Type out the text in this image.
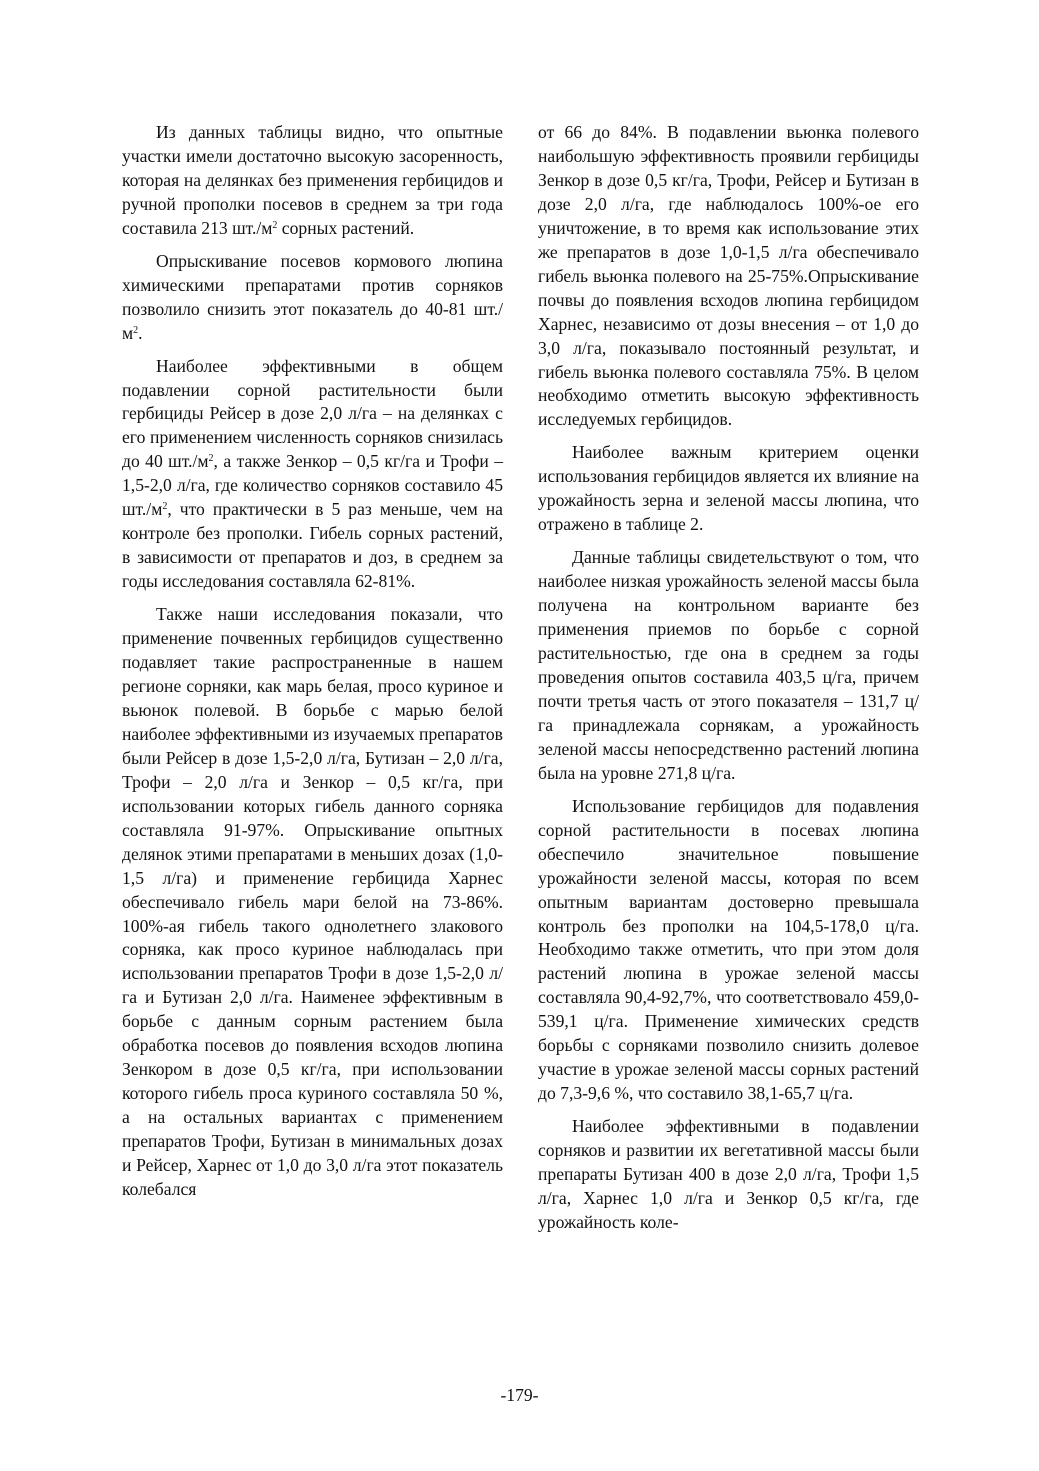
Из данных таблицы видно, что опытные участки имели достаточно высокую засоренность, которая на делянках без применения гербицидов и ручной прополки посевов в среднем за три года составила 213 $шт./м^2$ сорных растений.

Опрыскивание посевов кормового люпина химическими препаратами против сорняков позволило снизить этот показатель до 40-81 $шт./м^2$.

Наиболее эффективными в общем подавлении сорной растительности были гербициды Рейсер в дозе 2,0 л/га – на делянках с его применением численность сорняков снизилась до 40 $шт./м^2$, а также Зенкор – 0,5 кг/га и Трофи –1,5-2,0 л/га, где количество сорняков составило 45 $шт./м^2$, что практически в 5 раз меньше, чем на контроле без прополки. Гибель сорных растений, в зависимости от препаратов и доз, в среднем за годы исследования составляла 62-81%.

Также наши исследования показали, что применение почвенных гербицидов существенно подавляет такие распространенные в нашем регионе сорняки, как марь белая, просо куриное и вьюнок полевой. В борьбе с марью белой наиболее эффективными из изучаемых препаратов были Рейсер в дозе 1,5-2,0 л/га, Бутизан – 2,0 л/га, Трофи – 2,0 л/га и Зенкор – 0,5 кг/га, при использовании которых гибель данного сорняка составляла 91-97%. Опрыскивание опытных делянок этими препаратами в меньших дозах (1,0-1,5 л/га) и применение гербицида Харнес обеспечивало гибель мари белой на 73-86%. 100%-ая гибель такого однолетнего злакового сорняка, как просо куриное наблюдалась при использовании препаратов Трофи в дозе 1,5-2,0 л/га и Бутизан 2,0 л/га. Наименее эффективным в борьбе с данным сорным растением была обработка посевов до появления всходов люпина Зенкором в дозе 0,5 кг/га, при использовании которого гибель проса куриного составляла 50 %, а на остальных вариантах с применением препаратов Трофи, Бутизан в минимальных дозах и Рейсер, Харнес от 1,0 до 3,0 л/га этот показатель колебался

от 66 до 84%. В подавлении вьюнка полевого наибольшую эффективность проявили гербициды Зенкор в дозе 0,5 кг/га, Трофи, Рейсер и Бутизан в дозе 2,0 л/га, где наблюдалось 100%-ое его уничтожение, в то время как использование этих же препаратов в дозе 1,0-1,5 л/га обеспечивало гибель вьюнка полевого на 25-75%.Опрыскивание почвы до появления всходов люпина гербицидом Харнес, независимо от дозы внесения – от 1,0 до 3,0 л/га, показывало постоянный результат, и гибель вьюнка полевого составляла 75%. В целом необходимо отметить высокую эффективность исследуемых гербицидов.

Наиболее важным критерием оценки использования гербицидов является их влияние на урожайность зерна и зеленой массы люпина, что отражено в таблице 2.

Данные таблицы свидетельствуют о том, что наиболее низкая урожайность зеленой массы была получена на контрольном варианте без применения приемов по борьбе с сорной растительностью, где она в среднем за годы проведения опытов составила 403,5 ц/га, причем почти третья часть от этого показателя – 131,7 ц/га принадлежала сорнякам, а урожайность зеленой массы непосредственно растений люпина была на уровне 271,8 ц/га.

Использование гербицидов для подавления сорной растительности в посевах люпина обеспечило значительное повышение урожайности зеленой массы, которая по всем опытным вариантам достоверно превышала контроль без прополки на 104,5-178,0 ц/га. Необходимо также отметить, что при этом доля растений люпина в урожае зеленой массы составляла 90,4-92,7%, что соответствовало 459,0-539,1 ц/га. Применение химических средств борьбы с сорняками позволило снизить долевое участие в урожае зеленой массы сорных растений до 7,3-9,6 %, что составило 38,1-65,7 ц/га.

Наиболее эффективными в подавлении сорняков и развитии их вегетативной массы были препараты Бутизан 400 в дозе 2,0 л/га, Трофи 1,5 л/га, Харнес 1,0 л/га и Зенкор 0,5 кг/га, где урожайность коле-

-179-
